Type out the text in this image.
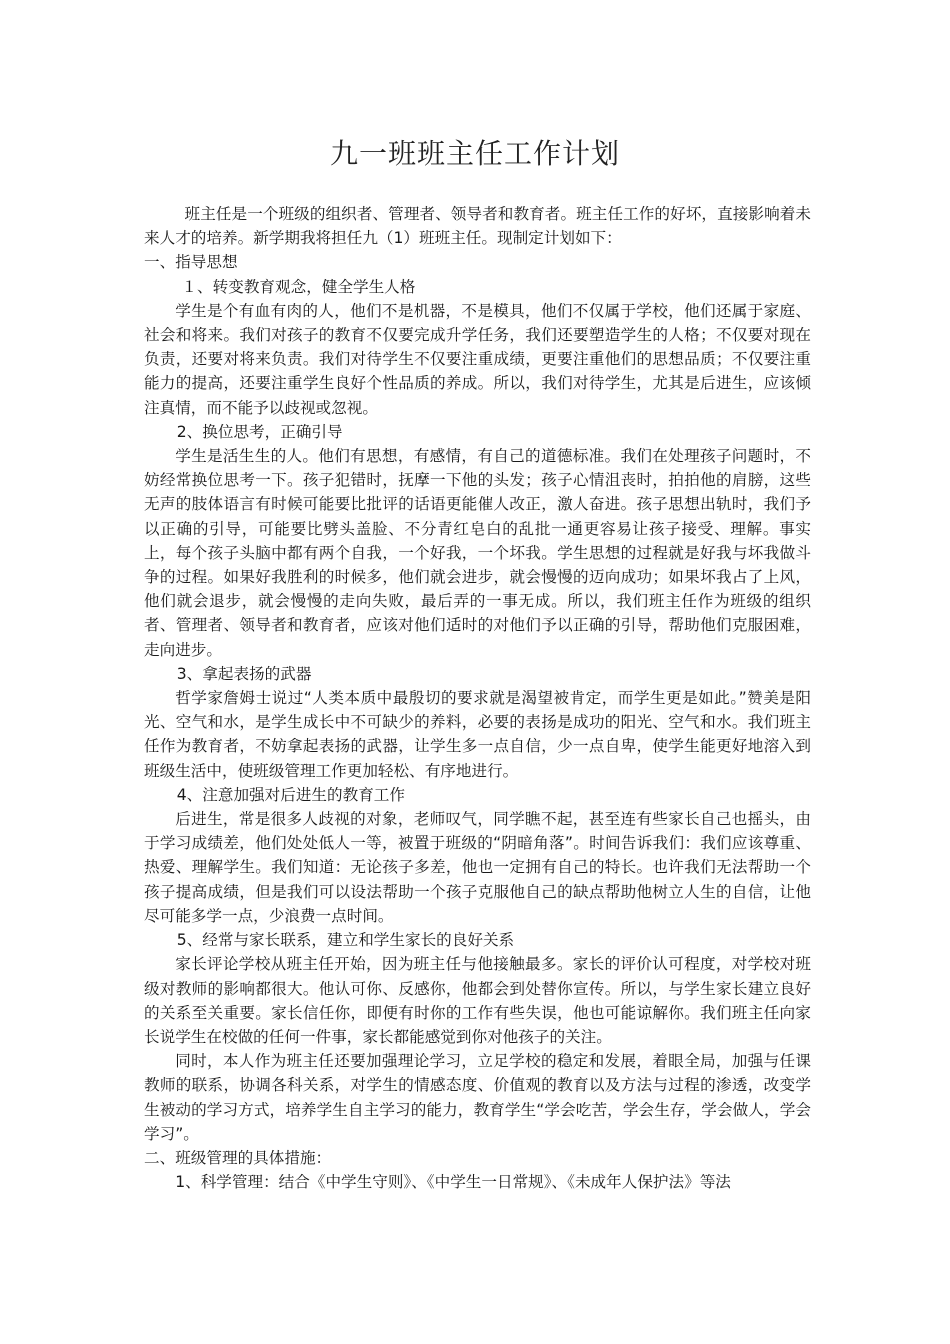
九一班班主任工作计划

班主任是一个班级的组织者、管理者、领导者和教育者。班主任工作的好坏，直接影响着未来人才的培养。新学期我将担任九（1）班班主任。现制定计划如下：

一、指导思想

１、转变教育观念，健全学生人格

学生是个有血有肉的人，他们不是机器，不是模具，他们不仅属于学校，他们还属于家庭、社会和将来。我们对孩子的教育不仅要完成升学任务，我们还要塑造学生的人格；不仅要对现在负责，还要对将来负责。我们对待学生不仅要注重成绩，更要注重他们的思想品质；不仅要注重能力的提高，还要注重学生良好个性品质的养成。所以，我们对待学生，尤其是后进生，应该倾注真情，而不能予以歧视或忽视。

2、换位思考，正确引导

学生是活生生的人。他们有思想，有感情，有自己的道德标准。我们在处理孩子问题时，不妨经常换位思考一下。孩子犯错时，抚摩一下他的头发；孩子心情沮丧时，拍拍他的肩膀，这些无声的肢体语言有时候可能要比批评的话语更能催人改正，激人奋进。孩子思想出轨时，我们予以正确的引导，可能要比劈头盖脸、不分青红皂白的乱批一通更容易让孩子接受、理解。事实上，每个孩子头脑中都有两个自我，一个好我，一个坏我。学生思想的过程就是好我与坏我做斗争的过程。如果好我胜利的时候多，他们就会进步，就会慢慢的迈向成功；如果坏我占了上风，他们就会退步，就会慢慢的走向失败，最后弄的一事无成。所以，我们班主任作为班级的组织者、管理者、领导者和教育者，应该对他们适时的对他们予以正确的引导，帮助他们克服困难，走向进步。

3、拿起表扬的武器

哲学家詹姆士说过“人类本质中最殷切的要求就是渴望被肯定，而学生更是如此。”赞美是阳光、空气和水，是学生成长中不可缺少的养料，必要的表扬是成功的阳光、空气和水。我们班主任作为教育者，不妨拿起表扬的武器，让学生多一点自信，少一点自卑，使学生能更好地溶入到班级生活中，使班级管理工作更加轻松、有序地进行。

4、注意加强对后进生的教育工作

后进生，常是很多人歧视的对象，老师叹气，同学瞧不起，甚至连有些家长自己也摇头，由于学习成绩差，他们处处低人一等，被置于班级的“阴暗角落”。时间告诉我们：我们应该尊重、热爱、理解学生。我们知道：无论孩子多差，他也一定拥有自己的特长。也许我们无法帮助一个孩子提高成绩，但是我们可以设法帮助一个孩子克服他自己的缺点帮助他树立人生的自信，让他尽可能多学一点，少浪费一点时间。

5、经常与家长联系，建立和学生家长的良好关系

家长评论学校从班主任开始，因为班主任与他接触最多。家长的评价认可程度，对学校对班级对教师的影响都很大。他认可你、反感你，他都会到处替你宣传。所以，与学生家长建立良好的关系至关重要。家长信任你，即便有时你的工作有些失误，他也可能谅解你。我们班主任向家长说学生在校做的任何一件事，家长都能感觉到你对他孩子的关注。

同时，本人作为班主任还要加强理论学习，立足学校的稳定和发展，着眼全局，加强与任课教师的联系，协调各科关系，对学生的情感态度、价值观的教育以及方法与过程的渗透，改变学生被动的学习方式，培养学生自主学习的能力，教育学生“学会吃苦，学会生存，学会做人，学会学习”。

二、班级管理的具体措施：

1、科学管理：结合《中学生守则》、《中学生一日常规》、《未成年人保护法》等法
